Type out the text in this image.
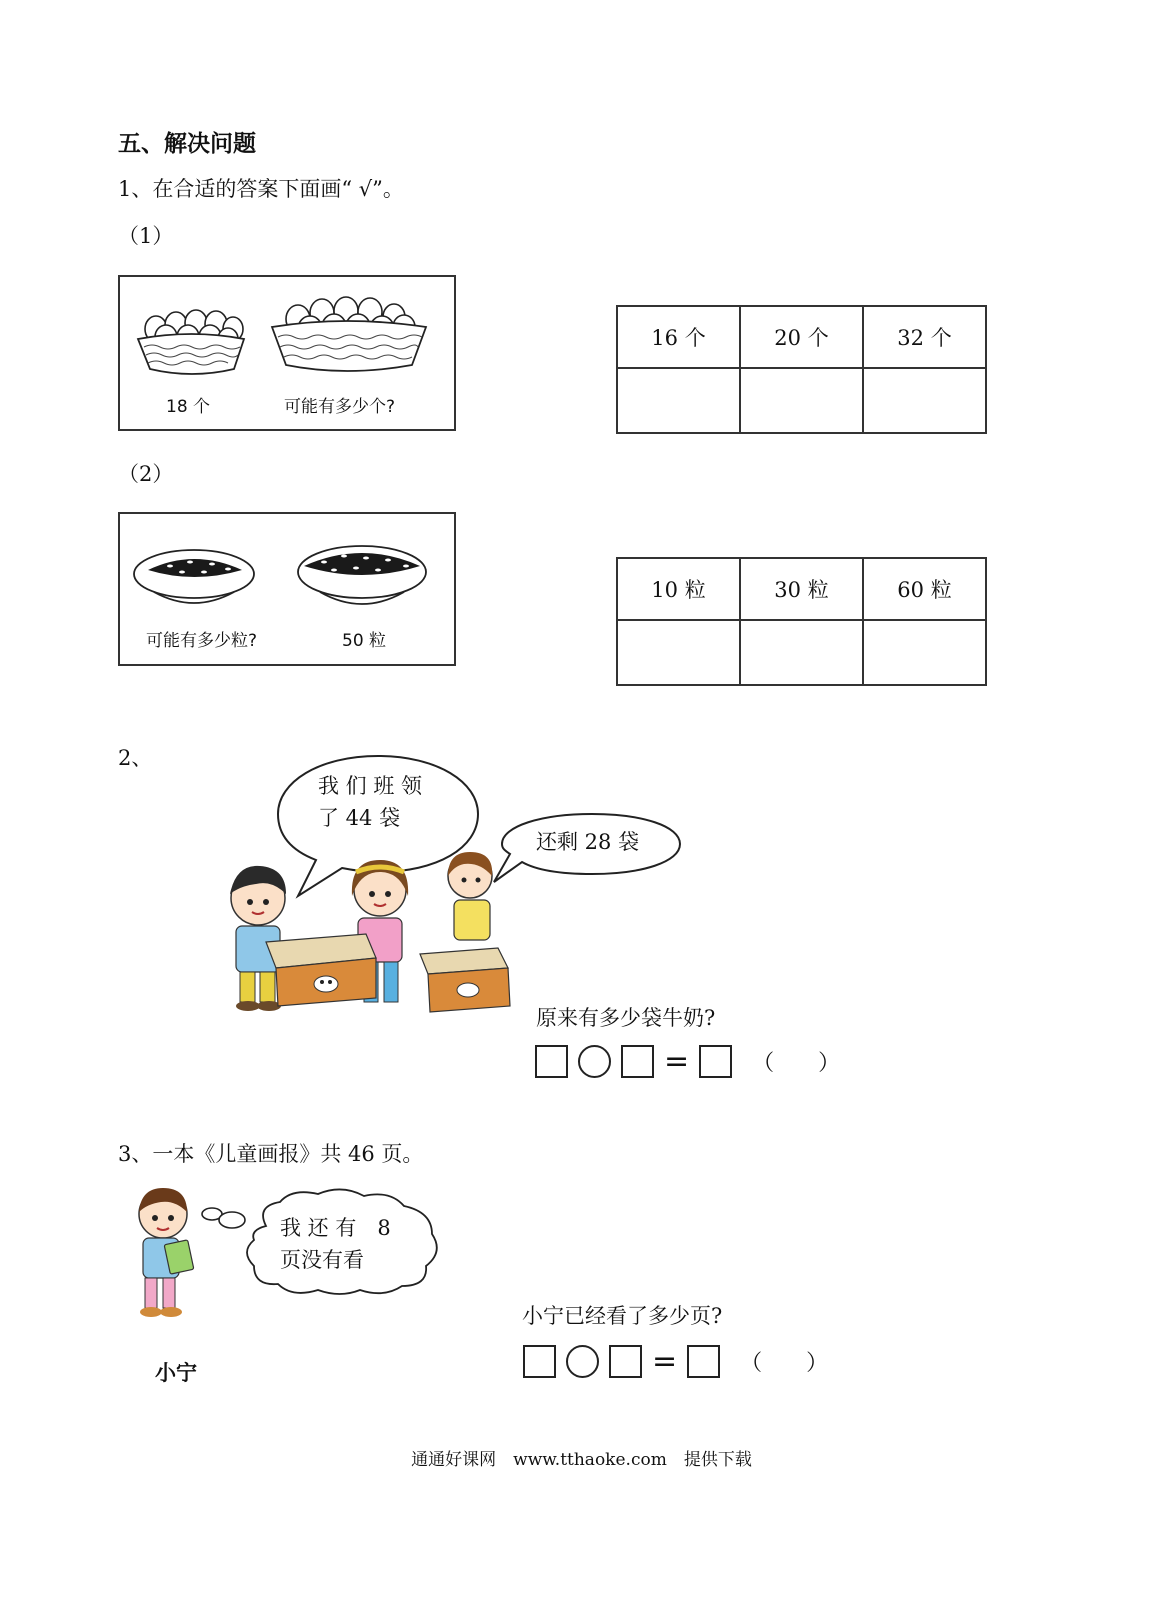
五、解决问题
1、在合适的答案下面画“ √”。
（1）
18 个	可能有多少个?
16 个	20 个	32 个

（2）
可能有多少粒?	50 粒
10 粒	30 粒	60 粒

2、
我 们 班 领
了 44 袋
还剩 28 袋
原来有多少袋牛奶?
=	（　　）
3、一本《儿童画报》共 46 页。
我 还 有　8
页没有看
小宁
小宁已经看了多少页?
=	（　　）
通通好课网　www.tthaoke.com　提供下载
